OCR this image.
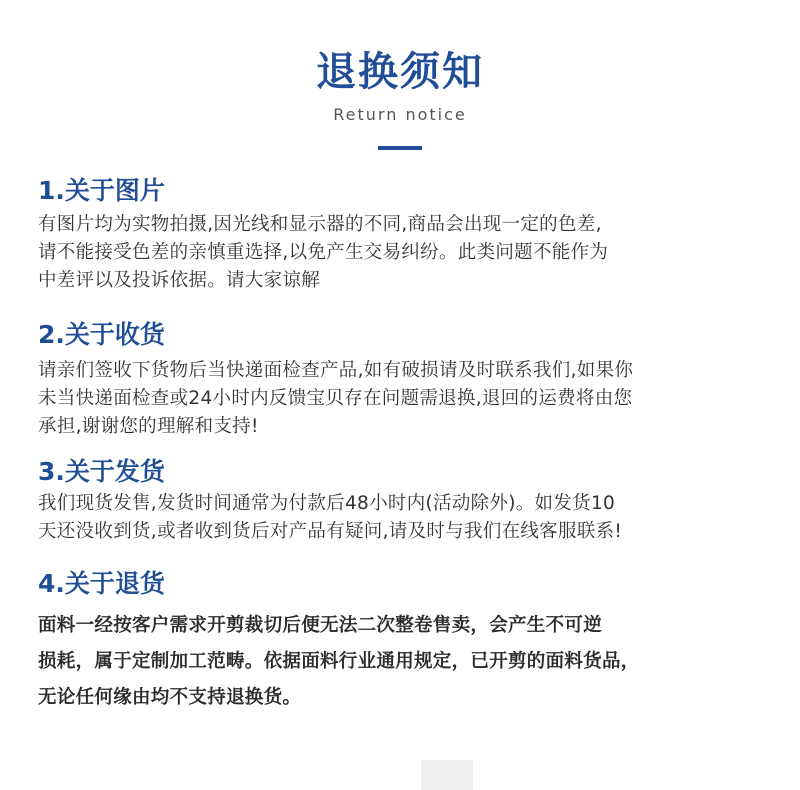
退换须知
Return notice
1.关于图片
有图片均为实物拍摄,因光线和显示器的不同,商品会出现一定的色差,
请不能接受色差的亲慎重选择,以免产生交易纠纷。此类问题不能作为
中差评以及投诉依据。请大家谅解
2.关于收货
请亲们签收下货物后当快递面检查产品,如有破损请及时联系我们,如果你
未当快递面检查或24小时内反馈宝贝存在问题需退换,退回的运费将由您
承担,谢谢您的理解和支持!
3.关于发货
我们现货发售,发货时间通常为付款后48小时内(活动除外)。如发货10
天还没收到货,或者收到货后对产品有疑问,请及时与我们在线客服联系!
4.关于退货
面料一经按客户需求开剪裁切后便无法二次整卷售卖，会产生不可逆
损耗，属于定制加工范畴。依据面料行业通用规定，已开剪的面料货品，
无论任何缘由均不支持退换货。
